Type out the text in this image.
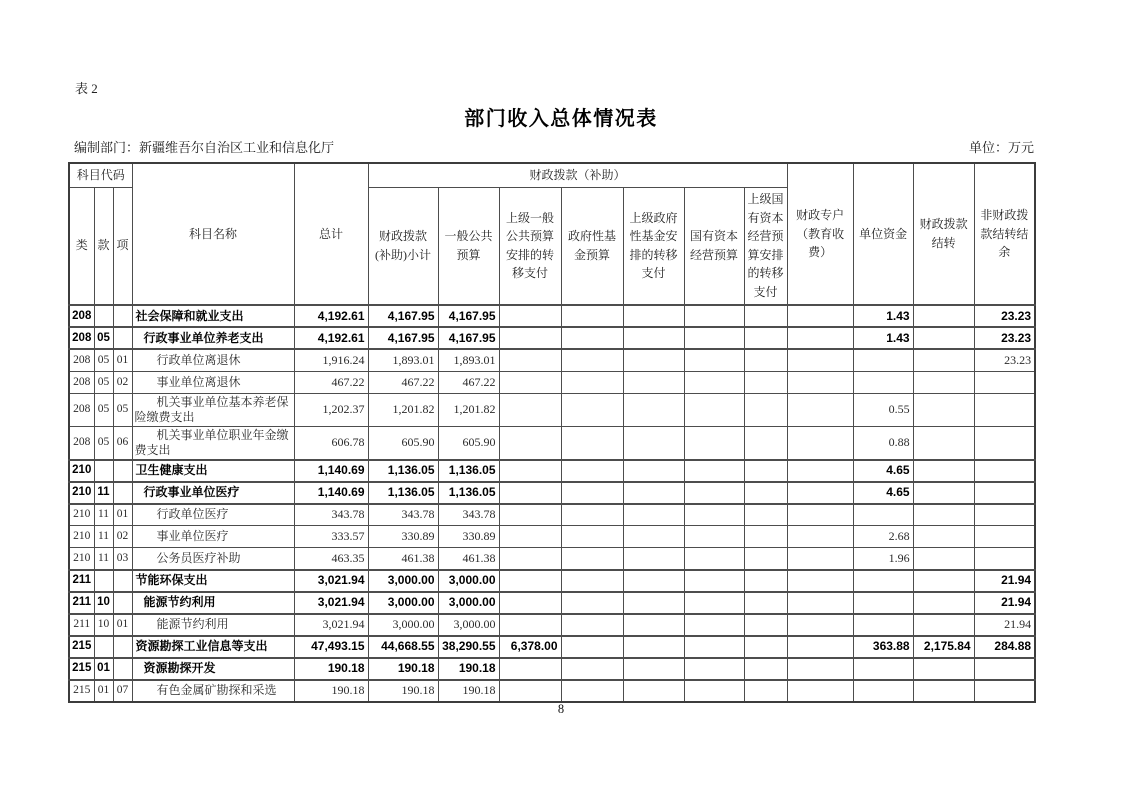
表 2
部门收入总体情况表
编制部门：新疆维吾尔自治区工业和信息化厅	单位：万元
科目代码			科目名称	总计	财政拨款（补助）							财政专户（教育收费）	单位资金	财政拨款结转	非财政拨款结转结余
类	款	项			财政拨款(补助)小计	一般公共预算	上级一般公共预算安排的转移支付	政府性基金预算	上级政府性基金安排的转移支付	国有资本经营预算	上级国有资本经营预算安排的转移支付				
208			社会保障和就业支出	4,192.61	4,167.95	4,167.95							1.43		23.23
208	05		行政事业单位养老支出	4,192.61	4,167.95	4,167.95							1.43		23.23
208	05	01	行政单位离退休	1,916.24	1,893.01	1,893.01									23.23
208	05	02	事业单位离退休	467.22	467.22	467.22									
208	05	05	机关事业单位基本养老保险缴费支出	1,202.37	1,201.82	1,201.82							0.55		
208	05	06	机关事业单位职业年金缴费支出	606.78	605.90	605.90							0.88		
210			卫生健康支出	1,140.69	1,136.05	1,136.05							4.65		
210	11		行政事业单位医疗	1,140.69	1,136.05	1,136.05							4.65		
210	11	01	行政单位医疗	343.78	343.78	343.78									
210	11	02	事业单位医疗	333.57	330.89	330.89							2.68		
210	11	03	公务员医疗补助	463.35	461.38	461.38							1.96		
211			节能环保支出	3,021.94	3,000.00	3,000.00									21.94
211	10		能源节约利用	3,021.94	3,000.00	3,000.00									21.94
211	10	01	能源节约利用	3,021.94	3,000.00	3,000.00									21.94
215			资源勘探工业信息等支出	47,493.15	44,668.55	38,290.55	6,378.00						363.88	2,175.84	284.88
215	01		资源勘探开发	190.18	190.18	190.18									
215	01	07	有色金属矿勘探和采选	190.18	190.18	190.18									
8
